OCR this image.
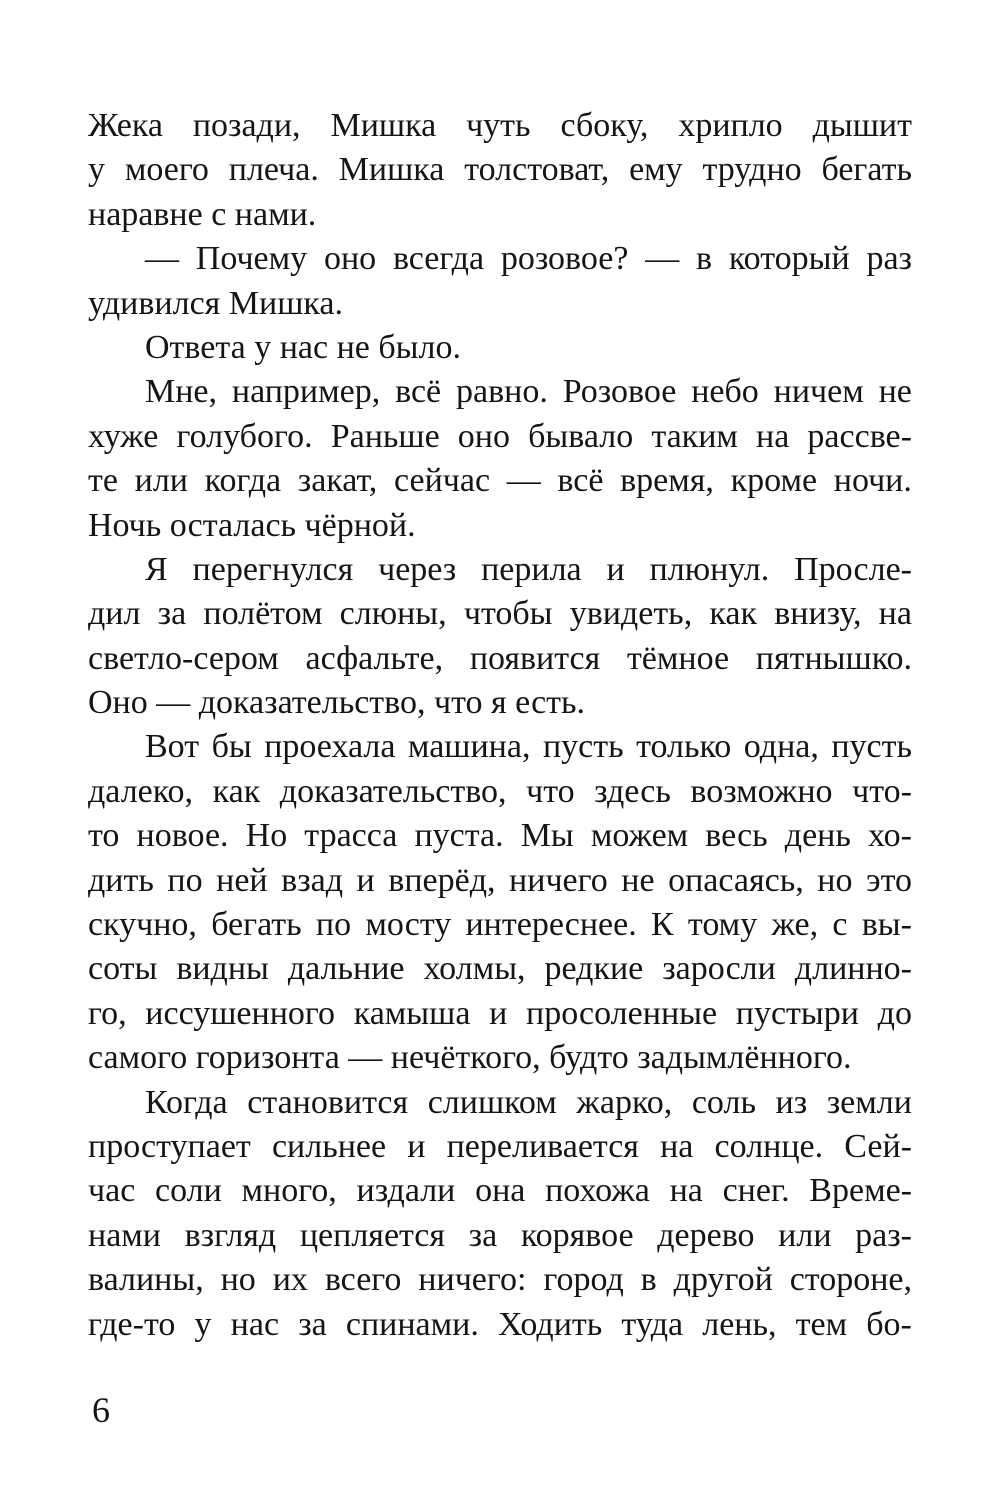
Жека позади, Мишка чуть сбоку, хрипло дышит
у моего плеча. Мишка толстоват, ему трудно бегать
наравне с нами.

— Почему оно всегда розовое? — в который раз
удивился Мишка.

Ответа у нас не было.

Мне, например, всё равно. Розовое небо ничем не
хуже голубого. Раньше оно бывало таким на рассве-
те или когда закат, сейчас — всё время, кроме ночи.
Ночь осталась чёрной.

Я перегнулся через перила и плюнул. Просле-
дил за полётом слюны, чтобы увидеть, как внизу, на
светло-сером асфальте, появится тёмное пятнышко.
Оно — доказательство, что я есть.

Вот бы проехала машина, пусть только одна, пусть
далеко, как доказательство, что здесь возможно что-
то новое. Но трасса пуста. Мы можем весь день хо-
дить по ней взад и вперёд, ничего не опасаясь, но это
скучно, бегать по мосту интереснее. К тому же, с вы-
соты видны дальние холмы, редкие заросли длинно-
го, иссушенного камыша и просоленные пустыри до
самого горизонта — нечёткого, будто задымлённого.

Когда становится слишком жарко, соль из земли
проступает сильнее и переливается на солнце. Сей-
час соли много, издали она похожа на снег. Време-
нами взгляд цепляется за корявое дерево или раз-
валины, но их всего ничего: город в другой стороне,
где-то у нас за спинами. Ходить туда лень, тем бо-

6
